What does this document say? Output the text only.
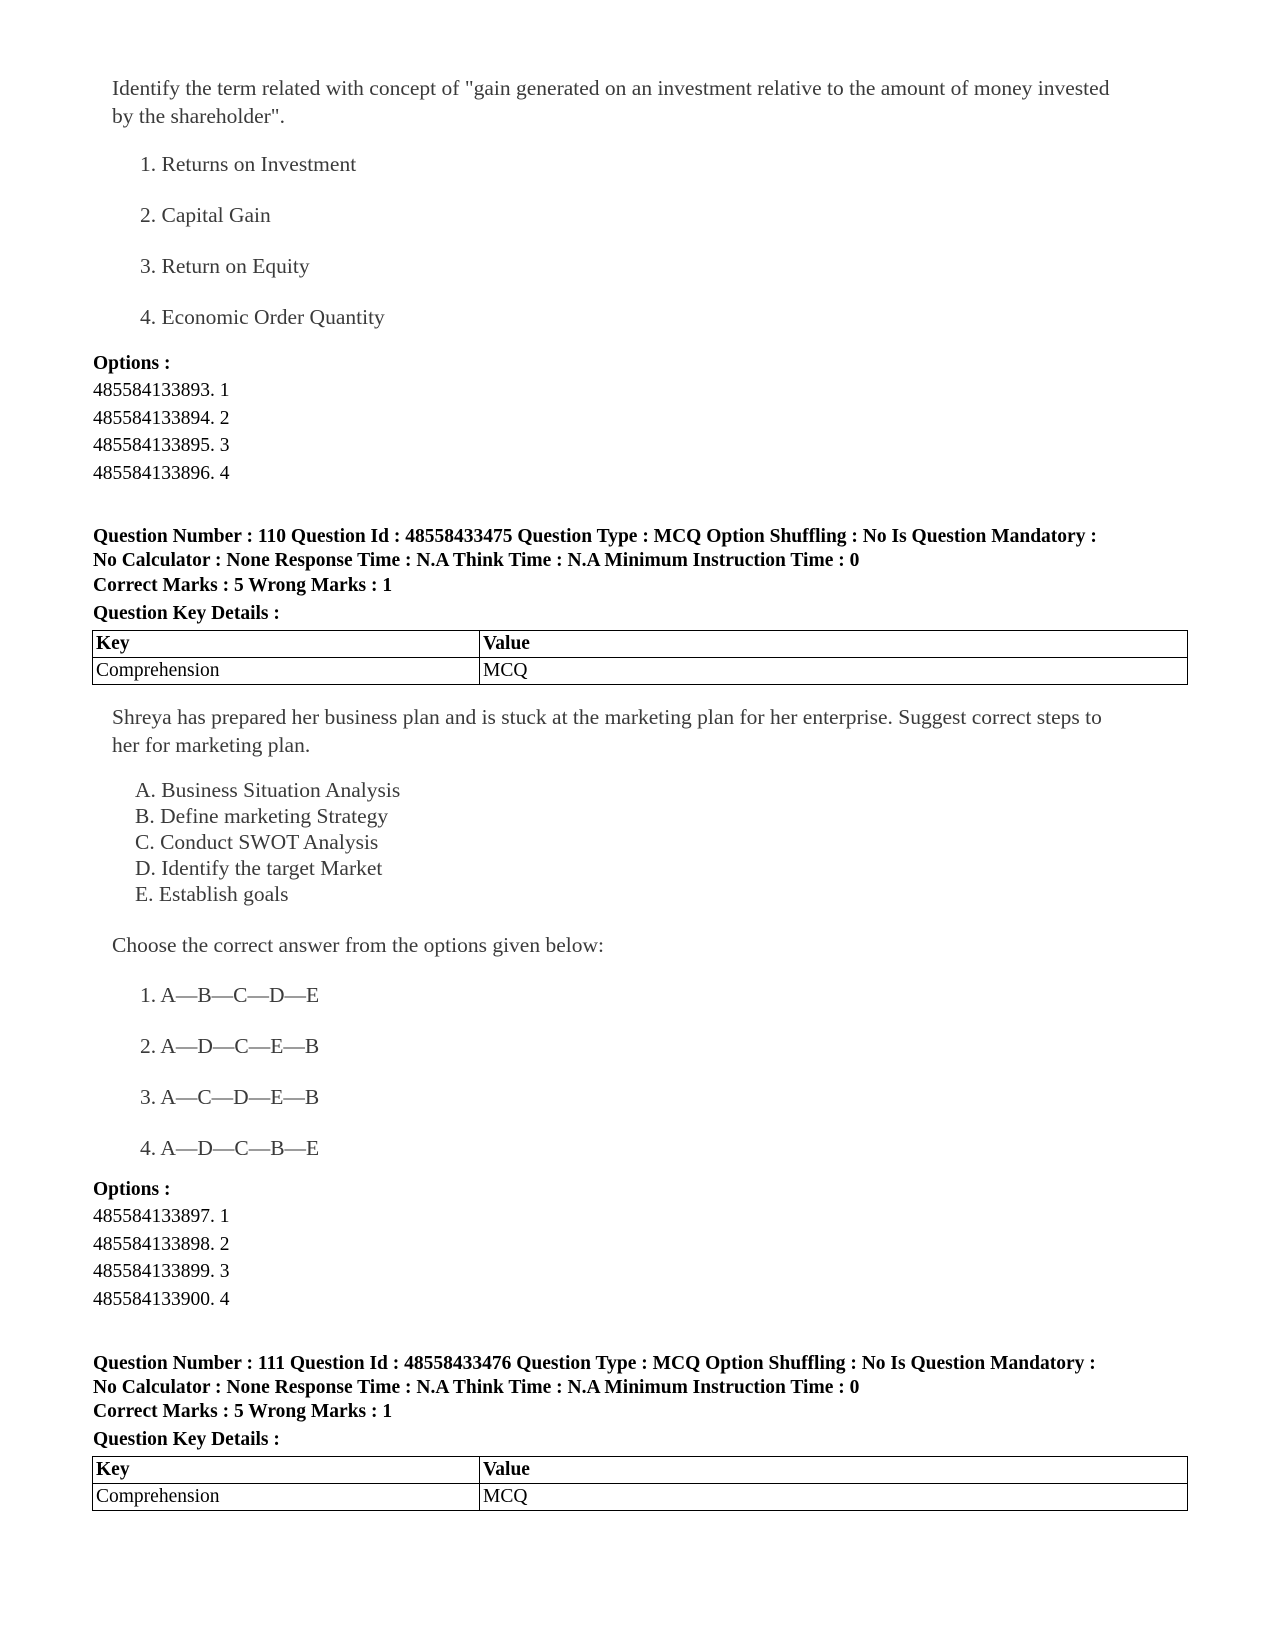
Identify the term related with concept of "gain generated on an investment relative to the amount of money invested by the shareholder".
1. Returns on Investment
2. Capital Gain
3. Return on Equity
4. Economic Order Quantity
Options :
485584133893. 1
485584133894. 2
485584133895. 3
485584133896. 4
Question Number : 110 Question Id : 48558433475 Question Type : MCQ Option Shuffling : No Is Question Mandatory :
No Calculator : None Response Time : N.A Think Time : N.A Minimum Instruction Time : 0
Correct Marks : 5 Wrong Marks : 1
Question Key Details :
Key	Value
Comprehension	MCQ
Shreya has prepared her business plan and is stuck at the marketing plan for her enterprise. Suggest correct steps to her for marketing plan.
A. Business Situation Analysis
B. Define marketing Strategy
C. Conduct SWOT Analysis
D. Identify the target Market
E. Establish goals
Choose the correct answer from the options given below:
1. A—B—C—D—E
2. A—D—C—E—B
3. A—C—D—E—B
4. A—D—C—B—E
Options :
485584133897. 1
485584133898. 2
485584133899. 3
485584133900. 4
Question Number : 111 Question Id : 48558433476 Question Type : MCQ Option Shuffling : No Is Question Mandatory :
No Calculator : None Response Time : N.A Think Time : N.A Minimum Instruction Time : 0
Correct Marks : 5 Wrong Marks : 1
Question Key Details :
Key	Value
Comprehension	MCQ
